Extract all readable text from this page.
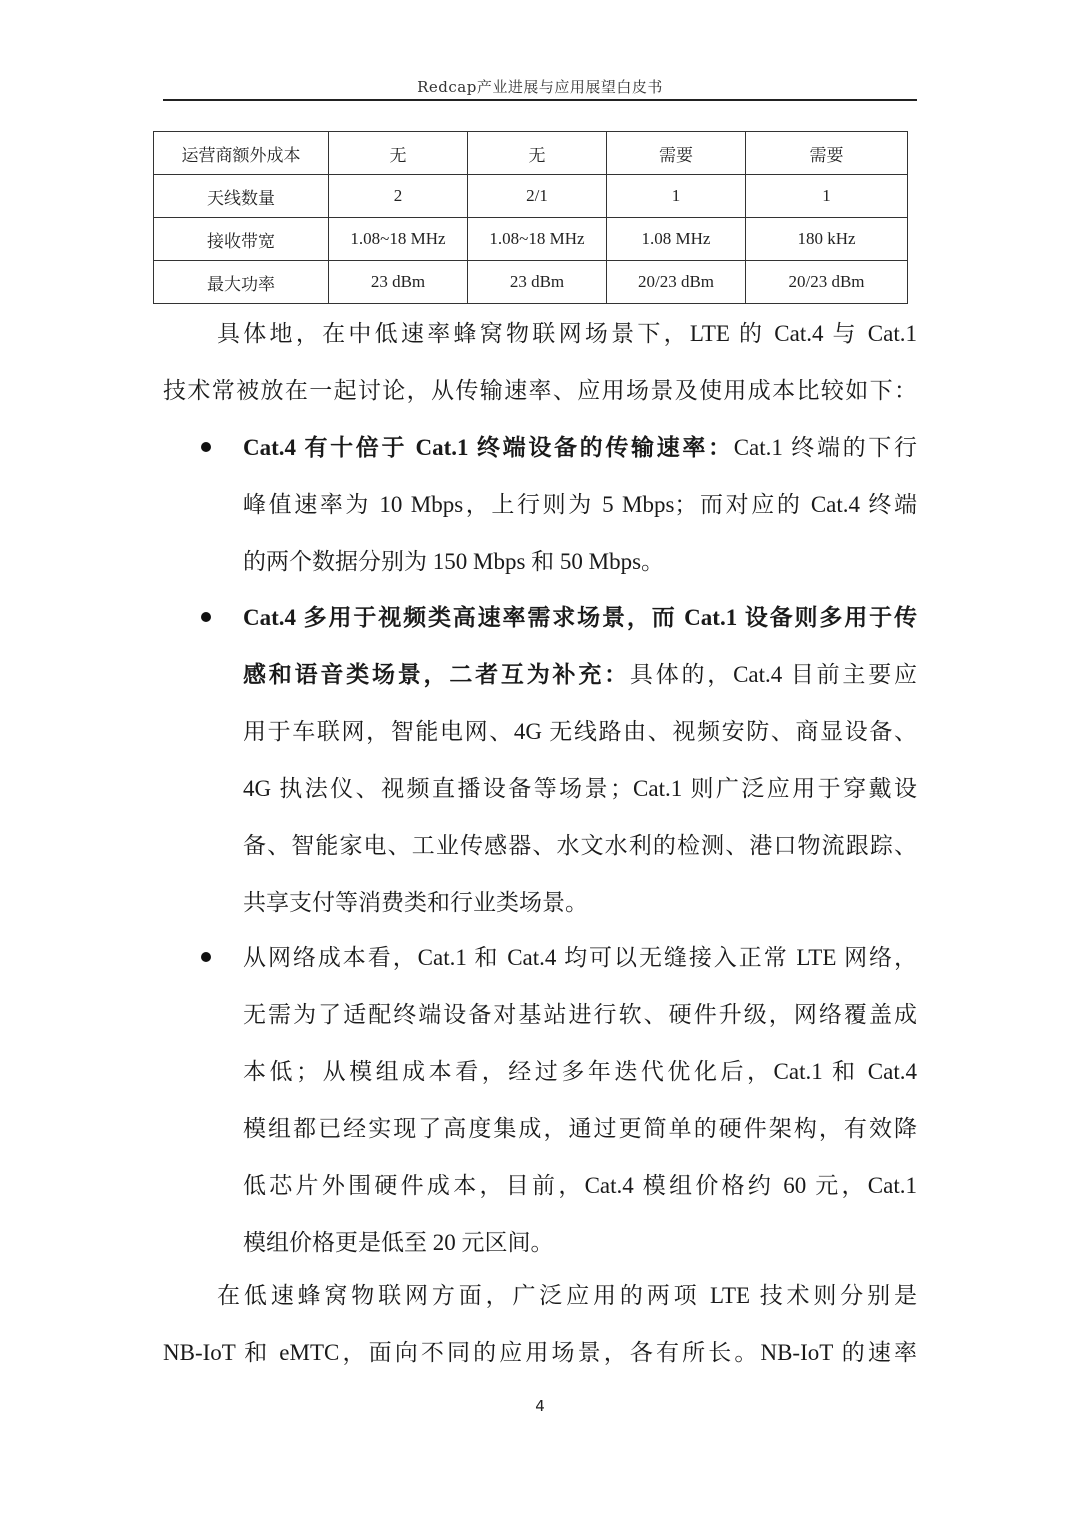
Redcap产业进展与应用展望白皮书
运营商额外成本	无	无	需要	需要
天线数量	2	2/1	1	1
接收带宽	1.08~18 MHz	1.08~18 MHz	1.08 MHz	180 kHz
最大功率	23 dBm	23 dBm	20/23 dBm	20/23 dBm
具体地，在中低速率蜂窝物联网场景下，LTE 的 Cat.4 与 Cat.1
技术常被放在一起讨论，从传输速率、应用场景及使用成本比较如下：
Cat.4 有十倍于 Cat.1 终端设备的传输速率：Cat.1 终端的下行
峰值速率为 10 Mbps，上行则为 5 Mbps；而对应的 Cat.4 终端
的两个数据分别为 150 Mbps 和 50 Mbps。
Cat.4 多用于视频类高速率需求场景，而 Cat.1 设备则多用于传
感和语音类场景，二者互为补充：具体的，Cat.4 目前主要应
用于车联网，智能电网、4G 无线路由、视频安防、商显设备、
4G 执法仪、视频直播设备等场景；Cat.1 则广泛应用于穿戴设
备、智能家电、工业传感器、水文水利的检测、港口物流跟踪、
共享支付等消费类和行业类场景。
从网络成本看，Cat.1 和 Cat.4 均可以无缝接入正常 LTE 网络，
无需为了适配终端设备对基站进行软、硬件升级，网络覆盖成
本低；从模组成本看，经过多年迭代优化后，Cat.1 和 Cat.4
模组都已经实现了高度集成，通过更简单的硬件架构，有效降
低芯片外围硬件成本，目前，Cat.4 模组价格约 60 元，Cat.1
模组价格更是低至 20 元区间。
在低速蜂窝物联网方面，广泛应用的两项 LTE 技术则分别是
NB-IoT 和 eMTC，面向不同的应用场景，各有所长。NB-IoT 的速率
4
